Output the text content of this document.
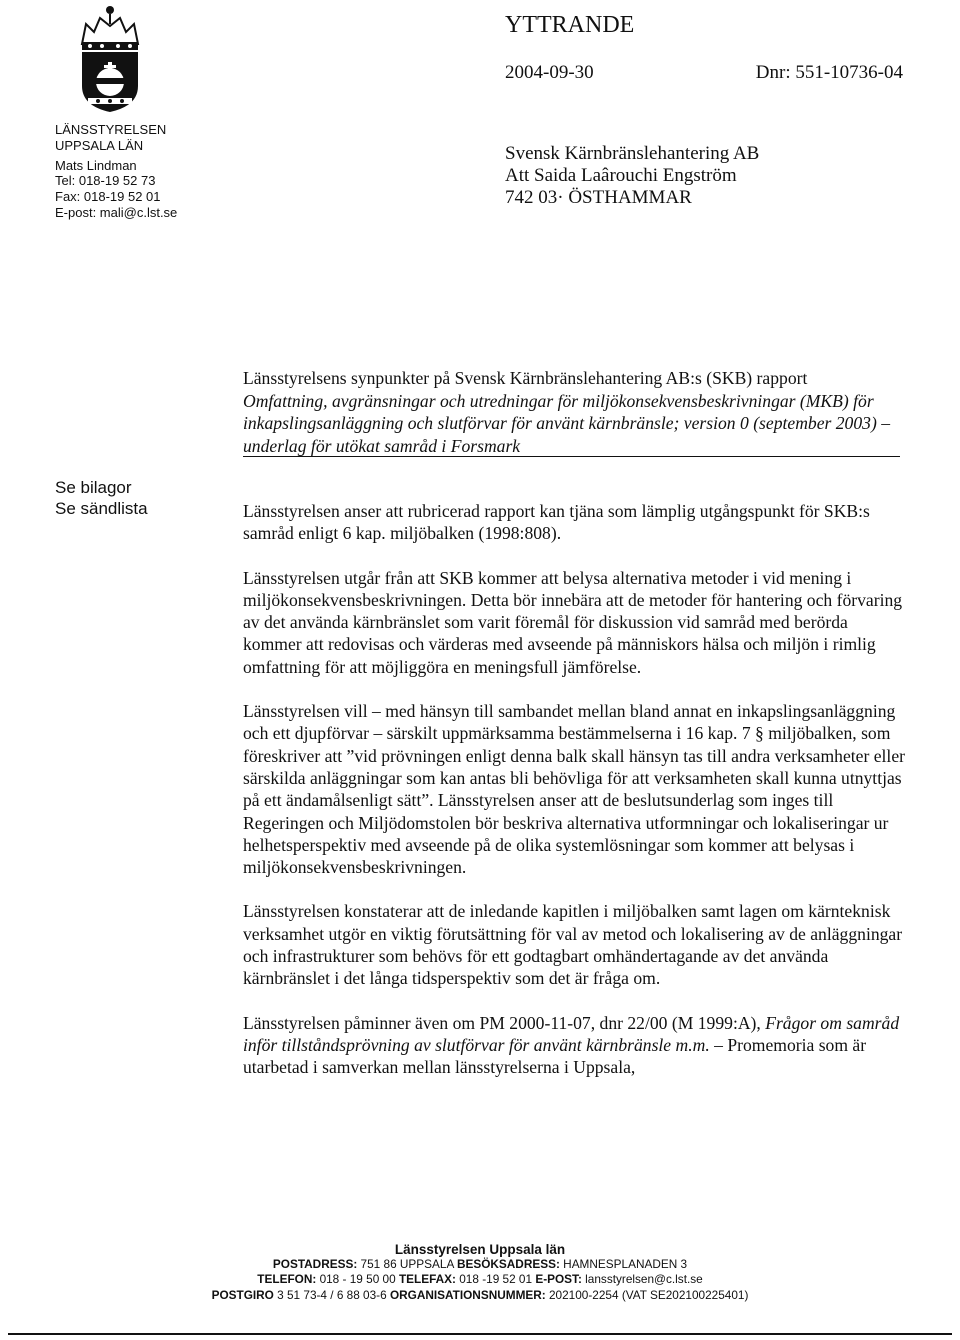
LÄNSSTYRELSEN
UPPSALA LÄN
Mats Lindman
Tel: 018-19 52 73
Fax: 018-19 52 01
E-post: mali@c.lst.se
YTTRANDE
2004-09-30	Dnr: 551-10736-04
Svensk Kärnbränslehantering AB
Att Saida Laârouchi Engström
742 03· ÖSTHAMMAR
Länsstyrelsens synpunkter på Svensk Kärnbränslehantering AB:s (SKB) rapport
Omfattning, avgränsningar och utredningar för miljökonsekvensbeskrivningar (MKB) för inkapslingsanläggning och slutförvar för använt kärnbränsle; version 0 (september 2003) – underlag för utökat samråd i Forsmark
Se bilagor
Se sändlista	Länsstyrelsen anser att rubricerad rapport kan tjäna som lämplig utgångspunkt för SKB:s samråd enligt 6 kap. miljöbalken (1998:808).

Länsstyrelsen utgår från att SKB kommer att belysa alternativa metoder i vid mening i miljökonsekvensbeskrivningen. Detta bör innebära att de metoder för hantering och förvaring av det använda kärnbränslet som varit föremål för diskussion vid samråd med berörda kommer att redovisas och värderas med avseende på människors hälsa och miljön i rimlig omfattning för att möjliggöra en meningsfull jämförelse.

Länsstyrelsen vill – med hänsyn till sambandet mellan bland annat en inkapslingsanläggning och ett djupförvar – särskilt uppmärksamma bestämmelserna i 16 kap. 7 § miljöbalken, som föreskriver att ”vid prövningen enligt denna balk skall hänsyn tas till andra verksamheter eller särskilda anläggningar som kan antas bli behövliga för att verksamheten skall kunna utnyttjas på ett ändamålsenligt sätt”. Länsstyrelsen anser att de beslutsunderlag som inges till Regeringen och Miljödomstolen bör beskriva alternativa utformningar och lokaliseringar ur helhetsperspektiv med avseende på de olika systemlösningar som kommer att belysas i miljökonsekvensbeskrivningen.

Länsstyrelsen konstaterar att de inledande kapitlen i miljöbalken samt lagen om kärnteknisk verksamhet utgör en viktig förutsättning för val av metod och lokalisering av de anläggningar och infrastrukturer som behövs för ett godtagbart omhändertagande av det använda kärnbränslet i det långa tidsperspektiv som det är fråga om.

Länsstyrelsen påminner även om PM 2000-11-07, dnr 22/00 (M 1999:A), Frågor om samråd inför tillståndsprövning av slutförvar för använt kärnbränsle m.m. – Promemoria som är utarbetad i samverkan mellan länsstyrelserna i Uppsala,

Länsstyrelsen Uppsala län
POSTADRESS: 751 86 UPPSALA BESÖKSADRESS: HAMNESPLANADEN 3
TELEFON: 018 - 19 50 00 TELEFAX: 018 -19 52 01 E-POST: lansstyrelsen@c.lst.se
POSTGIRO 3 51 73-4 / 6 88 03-6 ORGANISATIONSNUMMER: 202100-2254 (VAT SE202100225401)
